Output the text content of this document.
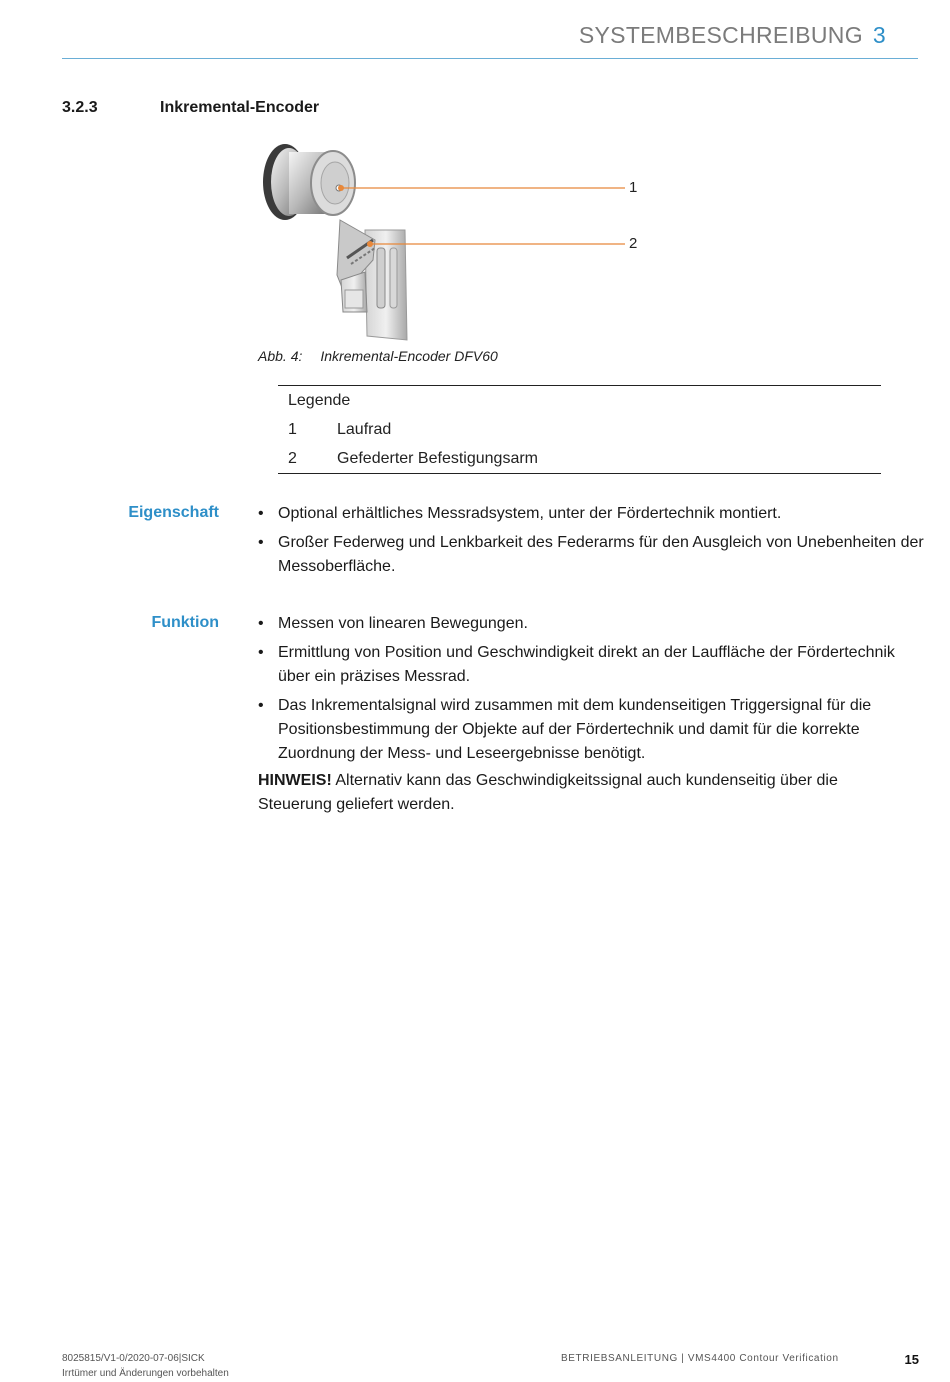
SYSTEMBESCHREIBUNG 3
3.2.3	Inkremental-Encoder
1
2
Abb. 4: Inkremental-Encoder DFV60
Legende
1	Laufrad
2	Gefederter Befestigungsarm
Eigenschaft • Optional erhältliches Messradsystem, unter der Fördertechnik montiert.
• Großer Federweg und Lenkbarkeit des Federarms für den Ausgleich von Unebenheiten der Messoberfläche.
Funktion • Messen von linearen Bewegungen.
• Ermittlung von Position und Geschwindigkeit direkt an der Lauffläche der Fördertechnik über ein präzises Messrad.
• Das Inkrementalsignal wird zusammen mit dem kundenseitigen Triggersignal für die Positionsbestimmung der Objekte auf der Fördertechnik und damit für die korrekte Zuordnung der Mess- und Leseergebnisse benötigt.
HINWEIS! Alternativ kann das Geschwindigkeitssignal auch kundenseitig über die Steuerung geliefert werden.
8025815/V1-0/2020-07-06|SICK
Irrtümer und Änderungen vorbehalten
BETRIEBSANLEITUNG | VMS4400 Contour Verification	15
